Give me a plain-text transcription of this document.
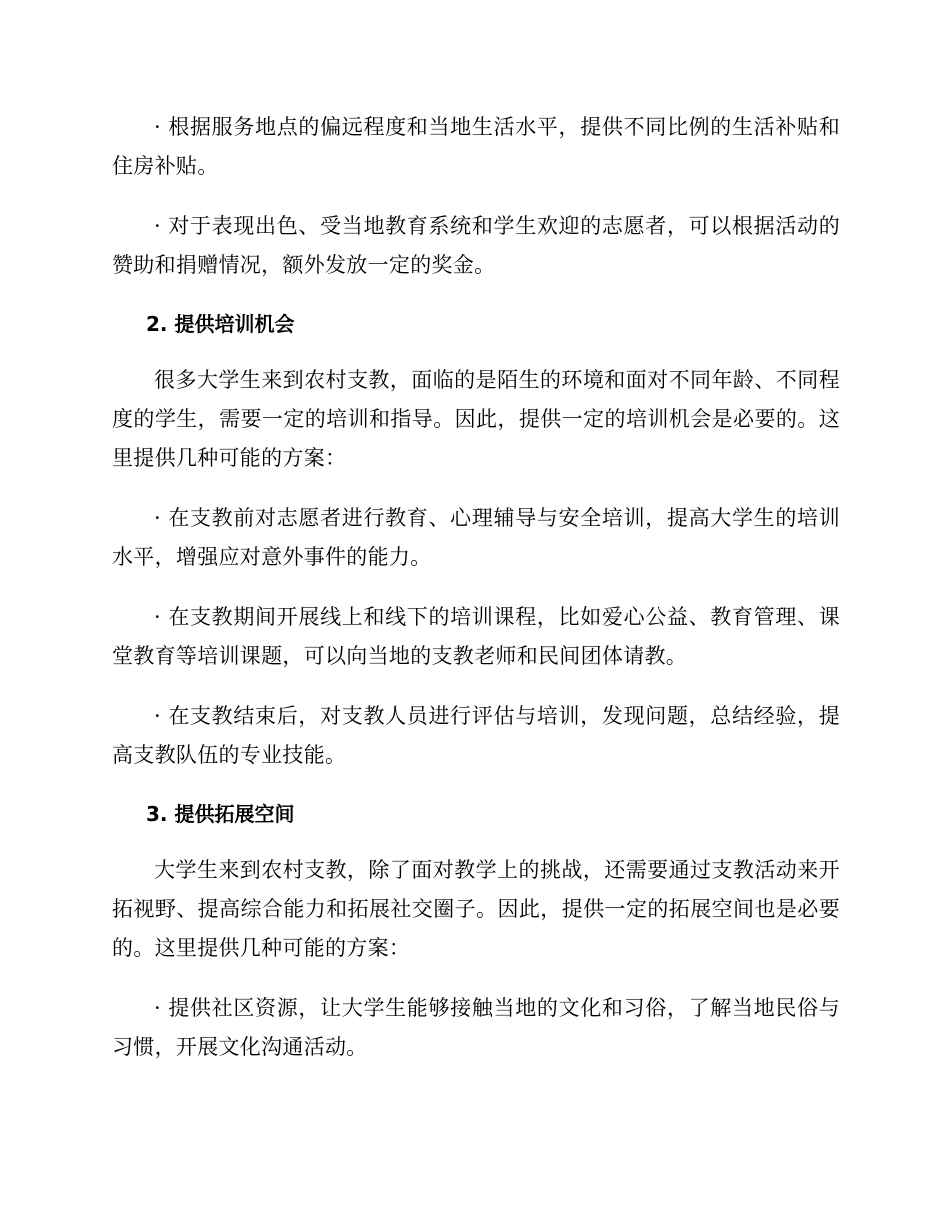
· 根据服务地点的偏远程度和当地生活水平，提供不同比例的生活补贴和住房补贴。

· 对于表现出色、受当地教育系统和学生欢迎的志愿者，可以根据活动的赞助和捐赠情况，额外发放一定的奖金。

2. 提供培训机会

很多大学生来到农村支教，面临的是陌生的环境和面对不同年龄、不同程度的学生，需要一定的培训和指导。因此，提供一定的培训机会是必要的。这里提供几种可能的方案：

· 在支教前对志愿者进行教育、心理辅导与安全培训，提高大学生的培训水平，增强应对意外事件的能力。

· 在支教期间开展线上和线下的培训课程，比如爱心公益、教育管理、课堂教育等培训课题，可以向当地的支教老师和民间团体请教。

· 在支教结束后，对支教人员进行评估与培训，发现问题，总结经验，提高支教队伍的专业技能。

3. 提供拓展空间

大学生来到农村支教，除了面对教学上的挑战，还需要通过支教活动来开拓视野、提高综合能力和拓展社交圈子。因此，提供一定的拓展空间也是必要的。这里提供几种可能的方案：

· 提供社区资源，让大学生能够接触当地的文化和习俗，了解当地民俗与习惯，开展文化沟通活动。
